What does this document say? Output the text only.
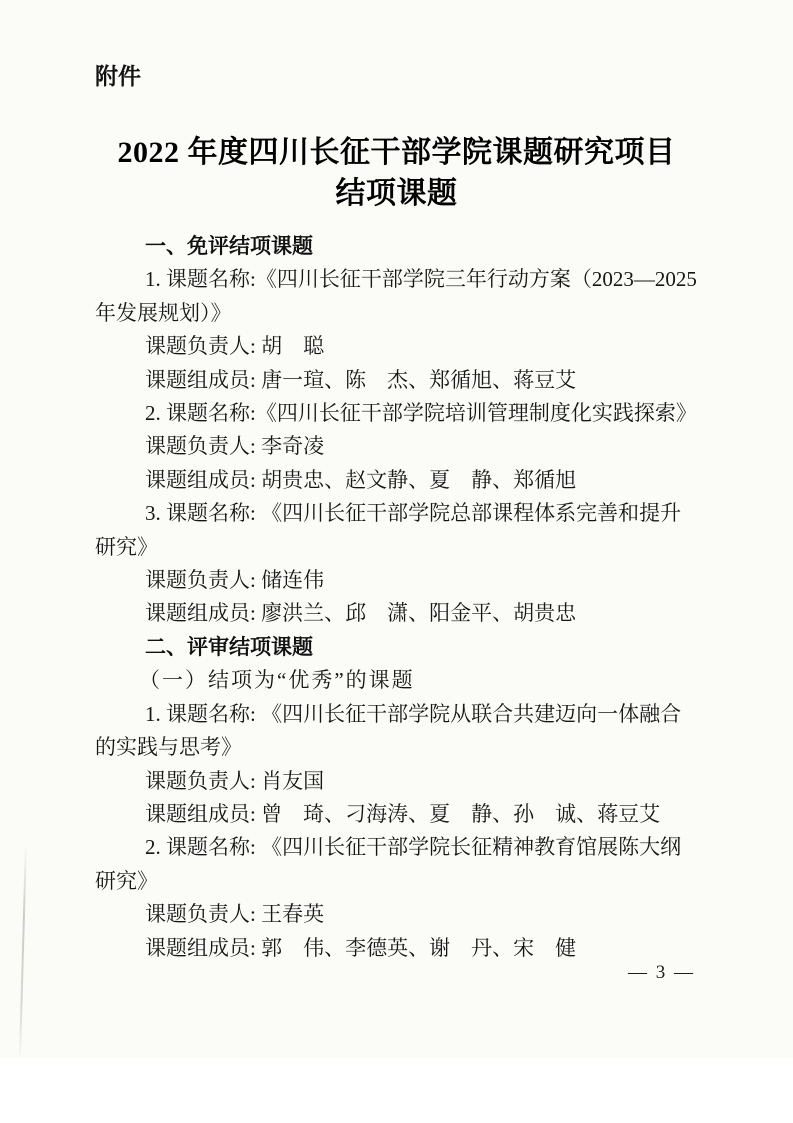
附件
2022 年度四川长征干部学院课题研究项目
结项课题
一、免评结项课题
1. 课题名称:《四川长征干部学院三年行动方案（2023—2025
年发展规划）》
课题负责人: 胡　聪
课题组成员: 唐一瑄、陈　杰、郑循旭、蒋豆艾
2. 课题名称:《四川长征干部学院培训管理制度化实践探索》
课题负责人: 李奇凌
课题组成员: 胡贵忠、赵文静、夏　静、郑循旭
3. 课题名称: 《四川长征干部学院总部课程体系完善和提升
研究》
课题负责人: 储连伟
课题组成员: 廖洪兰、邱　潇、阳金平、胡贵忠
二、评审结项课题
（一）结项为“优秀”的课题
1. 课题名称: 《四川长征干部学院从联合共建迈向一体融合
的实践与思考》
课题负责人: 肖友国
课题组成员: 曾　琦、刁海涛、夏　静、孙　诚、蒋豆艾
2. 课题名称: 《四川长征干部学院长征精神教育馆展陈大纲
研究》
课题负责人: 王春英
课题组成员: 郭　伟、李德英、谢　丹、宋　健
— 3 —
